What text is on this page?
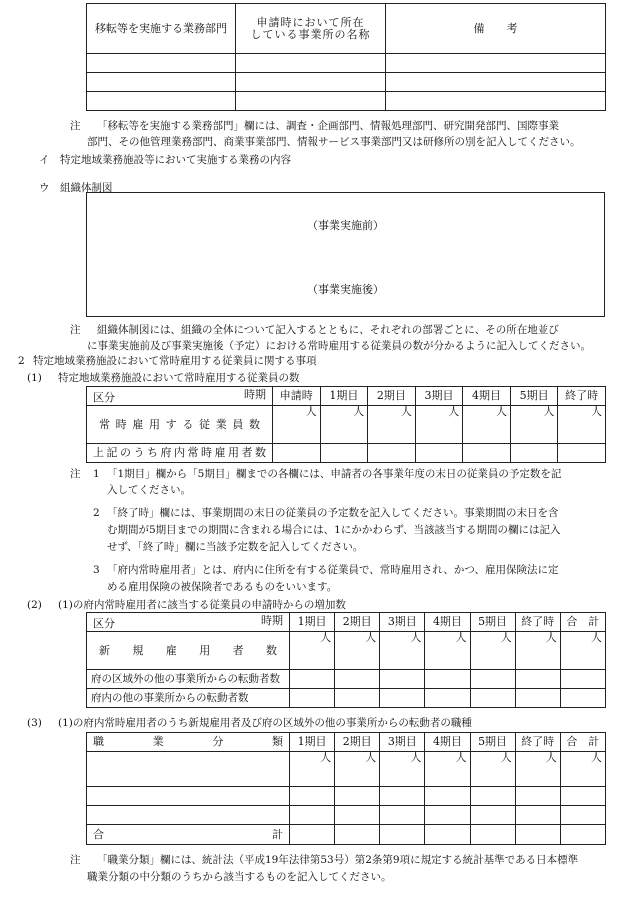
移転等を実施する業務部門	申請時において所在
している事業所の名称	備　　考

注 「移転等を実施する業務部門」欄には、調査・企画部門、情報処理部門、研究開発部門、国際事業
部門、その他管理業務部門、商業事業部門、情報サービス事業部門又は研修所の別を記入してください。
イ 特定地域業務施設等において実施する業務の内容
ウ 組織体制図
（事業実施前）
（事業実施後）
注 組織体制図には、組織の全体について記入するとともに、それぞれの部署ごとに、その所在地並び
に事業実施前及び事業実施後（予定）における常時雇用する従業員の数が分かるように記入してください。
2 特定地域業務施設において常時雇用する従業員に関する事項
(1) 特定地域業務施設において常時雇用する従業員の数
時期
区分	申請時	1期目	2期目	3期目	4期目	5期目	終了時

常時雇用する従業員数	人	人	人	人	人	人	人

上記のうち府内常時雇用者数							

注 1 「1期目」欄から「5期目」欄までの各欄には、申請者の各事業年度の末日の従業員の予定数を記
入してください。
2 「終了時」欄には、事業期間の末日の従業員の予定数を記入してください。事業期間の末日を含
む期間が5期目までの期間に含まれる場合には、1にかかわらず、当該該当する期間の欄には記入
せず、「終了時」欄に当該予定数を記入してください。
3 「府内常時雇用者」とは、府内に住所を有する従業員で、常時雇用され、かつ、雇用保険法に定
める雇用保険の被保険者であるものをいいます。
(2) (1)の府内常時雇用者に該当する従業員の申請時からの増加数
時期
区分	1期目	2期目	3期目	4期目	5期目	終了時	合　計

新規雇用者数	人	人	人	人	人	人	人
府の区域外の他の事業所からの転動者数							
府内の他の事業所からの転動者数							
(3) (1)の府内常時雇用者のうち新規雇用者及び府の区域外の他の事業所からの転動者の職種
職業分類	1期目	2期目	3期目	4期目	5期目	終了時	合　計
	人	人	人	人	人	人	人

合計							

注 「職業分類」欄には、統計法（平成19年法律第53号）第2条第9項に規定する統計基準である日本標準
職業分類の中分類のうちから該当するものを記入してください。
